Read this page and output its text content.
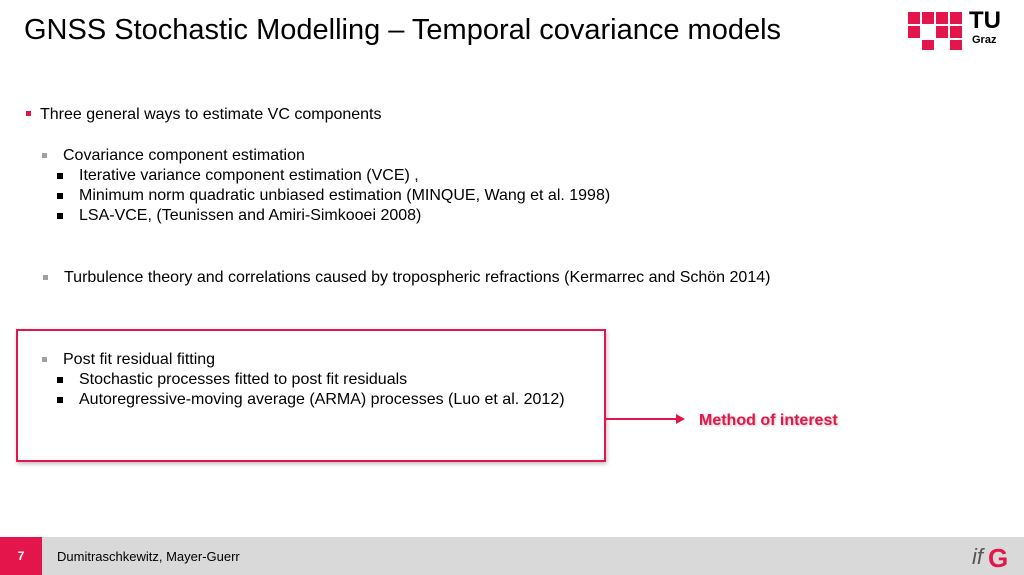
GNSS Stochastic Modelling – Temporal covariance models	TU
Graz
Three general ways to estimate VC components
Covariance component estimation
Iterative variance component estimation (VCE) ,
Minimum norm quadratic unbiased estimation (MINQUE, Wang et al. 1998)
LSA-VCE, (Teunissen and Amiri-Simkooei 2008)
Turbulence theory and correlations caused by tropospheric refractions (Kermarrec and Schön 2014)
Post fit residual fitting
Stochastic processes fitted to post fit residuals
Autoregressive-moving average (ARMA) processes (Luo et al. 2012)
Method of interest
7	Dumitraschkewitz, Mayer-Guerr	if G
